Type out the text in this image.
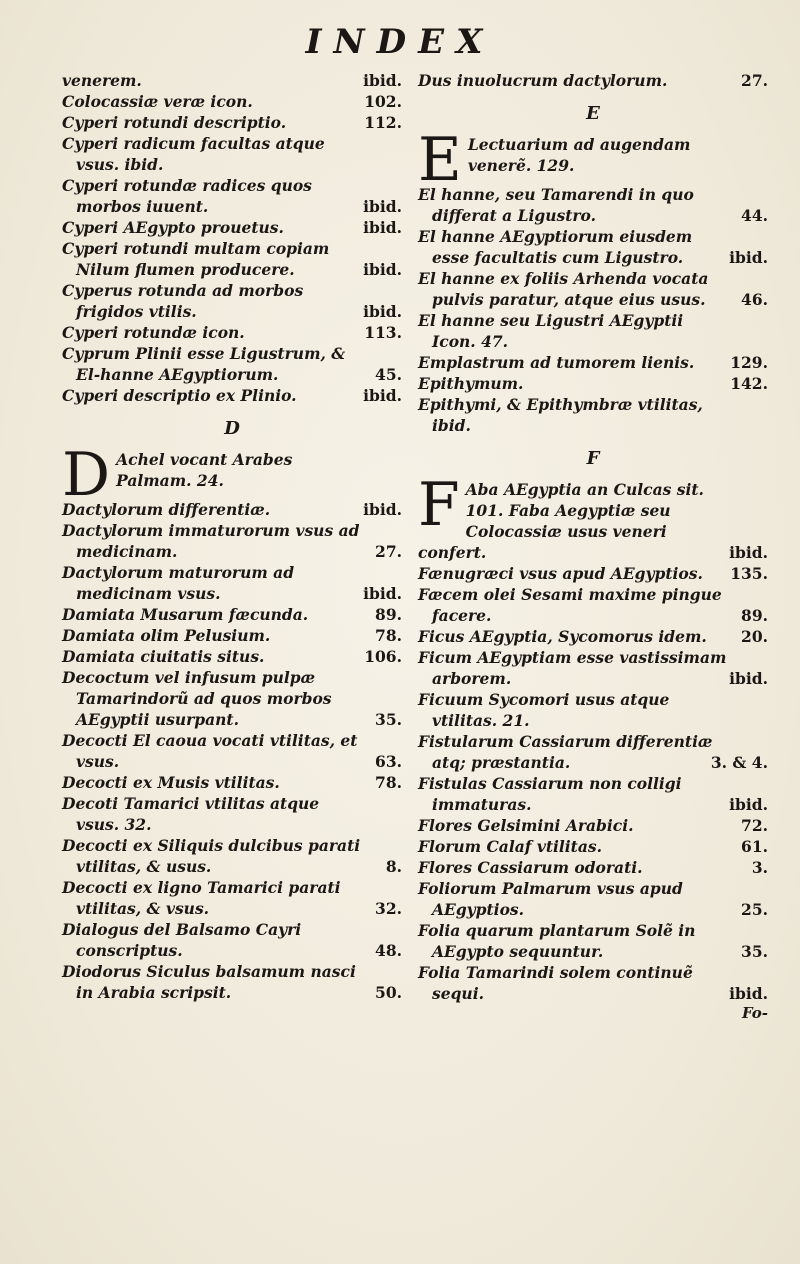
INDEX
venerem.	ibid.
Colocassiæ veræ icon.	102.
Cyperi rotundi descriptio.	112.
Cyperi radicum facultas atque vsus. ibid.
Cyperi rotundæ radices quos morbos iuuent.	ibid.
Cyperi AEgypto prouetus.	ibid.
Cyperi rotundi multam copiam Nilum flumen producere.	ibid.
Cyperus rotunda ad morbos frigidos vtilis.	ibid.
Cyperi rotundæ icon.	113.
Cyprum Plinii esse Ligustrum, & El-hanne AEgyptiorum.	45.
Cyperi descriptio ex Plinio.	ibid.
D
D Achel vocant Arabes Palmam. 24.
Dactylorum differentiæ.	ibid.
Dactylorum immaturorum vsus ad medicinam.	27.
Dactylorum maturorum ad medicinam vsus.	ibid.
Damiata Musarum fæcunda.	89.
Damiata olim Pelusium.	78.
Damiata ciuitatis situs.	106.
Decoctum vel infusum pulpæ Tamarindorũ ad quos morbos AEgyptii usurpant.	35.
Decocti El caoua vocati vtilitas, et vsus.	63.
Decocti ex Musis vtilitas.	78.
Decoti Tamarici vtilitas atque vsus. 32.
Decocti ex Siliquis dulcibus parati vtilitas, & usus.	8.
Decocti ex ligno Tamarici parati vtilitas, & vsus.	32.
Dialogus del Balsamo Cayri conscriptus.	48.
Diodorus Siculus balsamum nasci in Arabia scripsit.	50.
Dus inuolucrum dactylorum.	27.
E
E Lectuarium ad augendam venerẽ. 129.
El hanne, seu Tamarendi in quo differat a Ligustro.	44.
El hanne AEgyptiorum eiusdem esse facultatis cum Ligustro.	ibid.
El hanne ex foliis Arhenda vocata pulvis paratur, atque eius usus.	46.
El hanne seu Ligustri AEgyptii Icon. 47.
Emplastrum ad tumorem lienis.	129.
Epithymum.	142.
Epithymi, & Epithymbræ vtilitas, ibid.
F
F Aba AEgyptia an Culcas sit. 101. Faba Aegyptiæ seu Colocassiæ usus veneri confert.	ibid.
Fænugræci vsus apud AEgyptios.	135.
Fæcem olei Sesami maxime pingue facere.	89.
Ficus AEgyptia, Sycomorus idem.	20.
Ficum AEgyptiam esse vastissimam arborem.	ibid.
Ficuum Sycomori usus atque vtilitas. 21.
Fistularum Cassiarum differentiæ atq; præstantia.	3. & 4.
Fistulas Cassiarum non colligi immaturas.	ibid.
Flores Gelsimini Arabici.	72.
Florum Calaf vtilitas.	61.
Flores Cassiarum odorati.	3.
Foliorum Palmarum vsus apud AEgyptios.	25.
Folia quarum plantarum Solẽ in AEgypto sequuntur.	35.
Folia Tamarindi solem continuẽ sequi.	ibid.
Fo-
